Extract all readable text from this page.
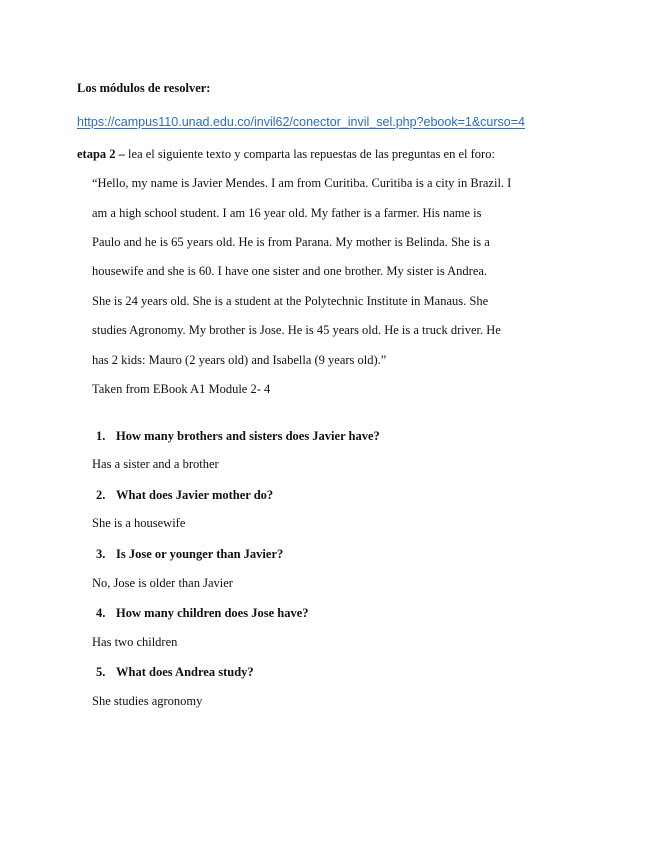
Los módulos de resolver:
https://campus110.unad.edu.co/invil62/conector_invil_sel.php?ebook=1&curso=4
etapa 2 – lea el siguiente texto y comparta las repuestas de las preguntas en el foro:
“Hello, my name is Javier Mendes. I am from Curitiba. Curitiba is a city in Brazil. I
am a high school student. I am 16 year old. My father is a farmer. His name is
Paulo and he is 65 years old. He is from Parana. My mother is Belinda. She is a
housewife and she is 60. I have one sister and one brother. My sister is Andrea.
She is 24 years old. She is a student at the Polytechnic Institute in Manaus. She
studies Agronomy. My brother is Jose. He is 45 years old. He is a truck driver. He
has 2 kids: Mauro (2 years old) and Isabella (9 years old).”
Taken from EBook A1 Module 2- 4
1. How many brothers and sisters does Javier have?
Has a sister and a brother
2. What does Javier mother do?
She is a housewife
3. Is Jose or younger than Javier?
No, Jose is older than Javier
4. How many children does Jose have?
Has two children
5. What does Andrea study?
She studies agronomy
